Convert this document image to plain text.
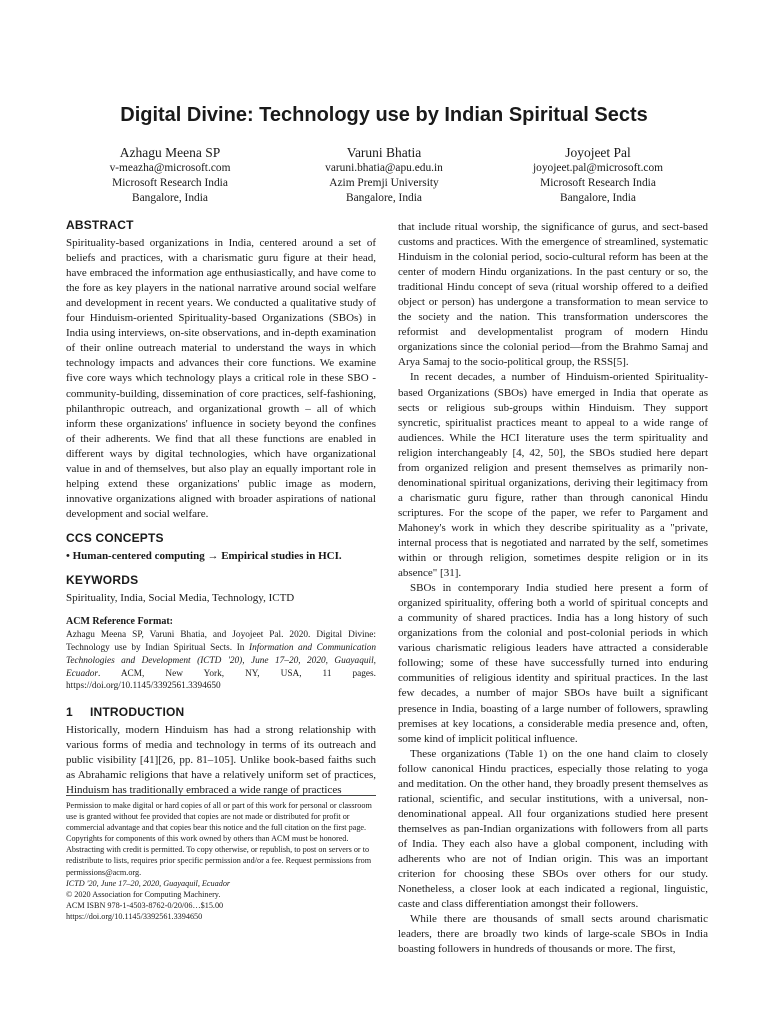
Digital Divine: Technology use by Indian Spiritual Sects
Azhagu Meena SP
v-meazha@microsoft.com
Microsoft Research India
Bangalore, India
Varuni Bhatia
varuni.bhatia@apu.edu.in
Azim Premji University
Bangalore, India
Joyojeet Pal
joyojeet.pal@microsoft.com
Microsoft Research India
Bangalore, India
ABSTRACT

Spirituality-based organizations in India, centered around a set of beliefs and practices, with a charismatic guru figure at their head, have embraced the information age enthusiastically, and have come to the fore as key players in the national narrative around social welfare and development in recent years. We conducted a qualitative study of four Hinduism-oriented Spirituality-based Organizations (SBOs) in India using interviews, on-site observations, and in-depth examination of their online outreach material to understand the ways in which technology impacts and advances their core functions. We examine five core ways which technology plays a critical role in these SBO - community-building, dissemination of core practices, self-fashioning, philanthropic outreach, and organizational growth – all of which inform these organizations' influence in society beyond the confines of their adherents. We find that all these functions are enabled in different ways by digital technologies, which have organizational value in and of themselves, but also play an equally important role in helping extend these organizations' public image as modern, innovative organizations aligned with broader aspirations of national development and social welfare.

CCS CONCEPTS

• Human-centered computing → Empirical studies in HCI.

KEYWORDS

Spirituality, India, Social Media, Technology, ICTD

ACM Reference Format:

Azhagu Meena SP, Varuni Bhatia, and Joyojeet Pal. 2020. Digital Divine: Technology use by Indian Spiritual Sects. In Information and Communication Technologies and Development (ICTD '20), June 17–20, 2020, Guayaquil, Ecuador. ACM, New York, NY, USA, 11 pages. https://doi.org/10.1145/3392561.3394650

1 INTRODUCTION

Historically, modern Hinduism has had a strong relationship with various forms of media and technology in terms of its outreach and public visibility [41][26, pp. 81–105]. Unlike book-based faiths such as Abrahamic religions that have a relatively uniform set of practices, Hinduism has traditionally embraced a wide range of practices

Permission to make digital or hard copies of all or part of this work for personal or classroom use is granted without fee provided that copies are not made or distributed for profit or commercial advantage and that copies bear this notice and the full citation on the first page. Copyrights for components of this work owned by others than ACM must be honored. Abstracting with credit is permitted. To copy otherwise, or republish, to post on servers or to redistribute to lists, requires prior specific permission and/or a fee. Request permissions from permissions@acm.org.

ICTD '20, June 17–20, 2020, Guayaquil, Ecuador

© 2020 Association for Computing Machinery.

ACM ISBN 978-1-4503-8762-0/20/06…$15.00

https://doi.org/10.1145/3392561.3394650

that include ritual worship, the significance of gurus, and sect-based customs and practices. With the emergence of streamlined, systematic Hinduism in the colonial period, socio-cultural reform has been at the center of modern Hindu organizations. In the past century or so, the traditional Hindu concept of seva (ritual worship offered to a deified object or person) has undergone a transformation to mean service to the society and the nation. This transformation underscores the reformist and developmentalist program of modern Hindu organizations since the colonial period—from the Brahmo Samaj and Arya Samaj to the socio-political group, the RSS[5].

In recent decades, a number of Hinduism-oriented Spirituality-based Organizations (SBOs) have emerged in India that operate as sects or religious sub-groups within Hinduism. They support syncretic, spiritualist practices meant to appeal to a wide range of audiences. While the HCI literature uses the term spirituality and religion interchangeably [4, 42, 50], the SBOs studied here depart from organized religion and present themselves as primarily non-denominational spiritual organizations, deriving their legitimacy from a charismatic guru figure, rather than through canonical Hindu scriptures. For the scope of the paper, we refer to Pargament and Mahoney's work in which they describe spirituality as a "private, internal process that is negotiated and narrated by the self, sometimes within or through religion, sometimes despite religion or in its absence" [31].

SBOs in contemporary India studied here present a form of organized spirituality, offering both a world of spiritual concepts and a community of shared practices. India has a long history of such organizations from the colonial and post-colonial periods in which various charismatic religious leaders have attracted a considerable following; some of these have successfully turned into enduring communities of religious identity and spiritual practices. In the last few decades, a number of major SBOs have built a significant presence in India, boasting of a large number of followers, sprawling premises at key locations, a considerable media presence and, often, some kind of implicit political influence.

These organizations (Table 1) on the one hand claim to closely follow canonical Hindu practices, especially those relating to yoga and meditation. On the other hand, they broadly present themselves as rational, scientific, and secular institutions, with a universal, non-denominational appeal. All four organizations studied here present themselves as pan-Indian organizations with followers from all parts of India. They each also have a global component, including with adherents who are not of Indian origin. This was an important criterion for choosing these SBOs over others for our study. Nonetheless, a closer look at each indicated a regional, linguistic, caste and class differentiation amongst their followers.

While there are thousands of small sects around charismatic leaders, there are broadly two kinds of large-scale SBOs in India boasting followers in hundreds of thousands or more. The first,
